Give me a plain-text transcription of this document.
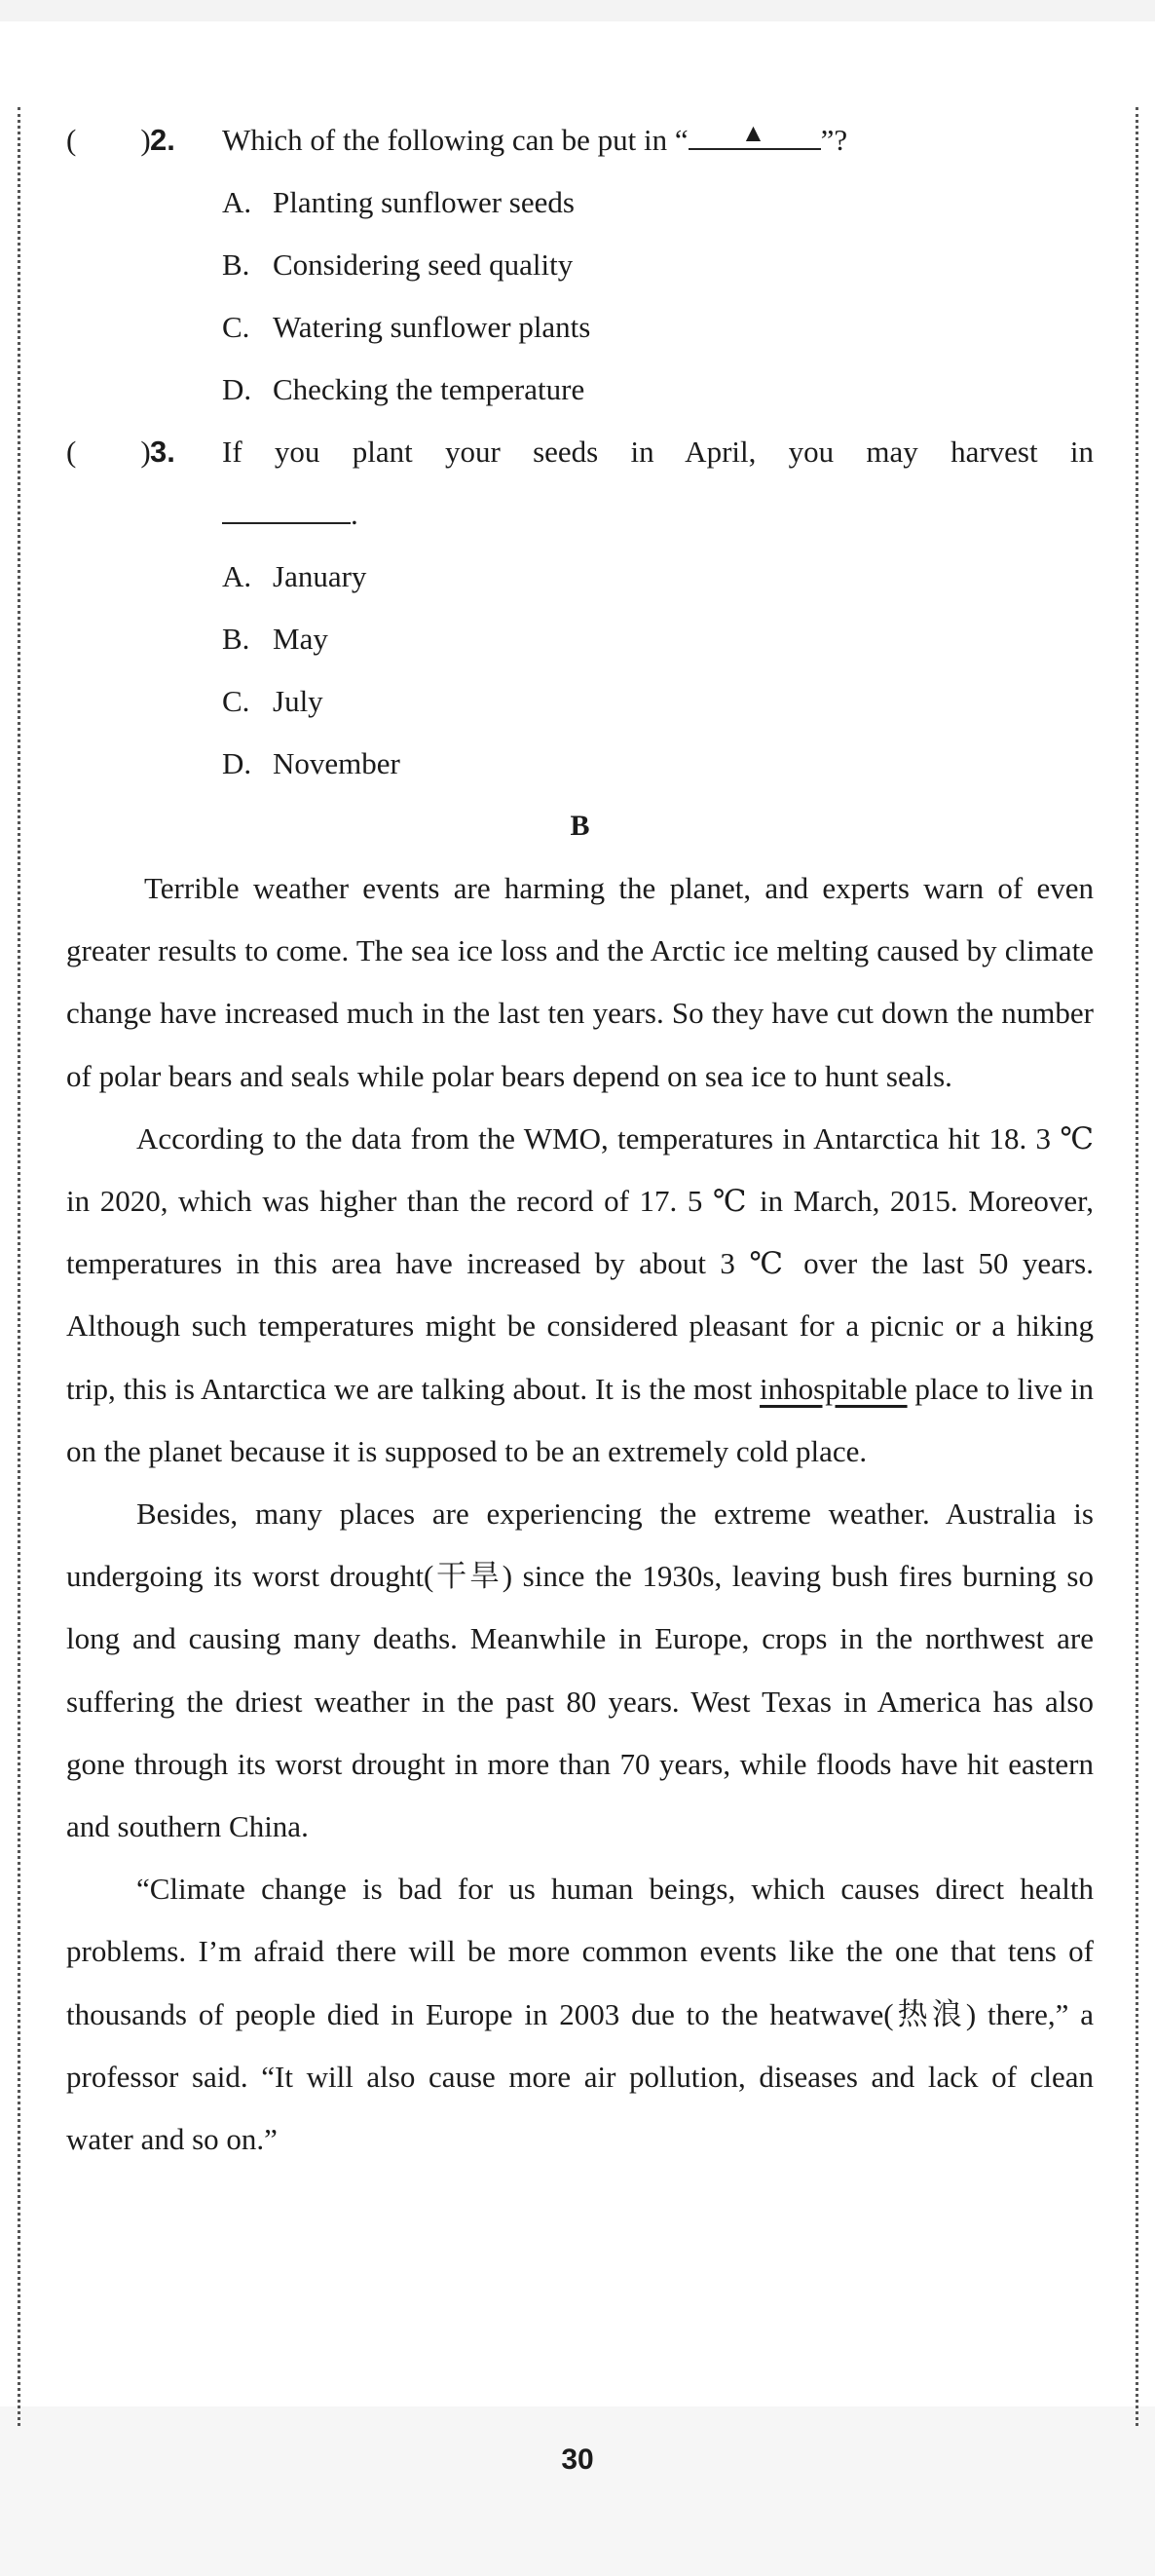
( ) 2. Which of the following can be put in “ ▲ ”?
A. Planting sunflower seeds
B. Considering seed quality
C. Watering sunflower plants
D. Checking the temperature
( ) 3. If you plant your seeds in April, you may harvest in
.
A. January
B. May
C. July
D. November
B

Terrible weather events are harming the planet, and experts warn of even greater results to come. The sea ice loss and the Arctic ice melting caused by climate change have increased much in the last ten years. So they have cut down the number of polar bears and seals while polar bears depend on sea ice to hunt seals.

According to the data from the WMO, temperatures in Antarctica hit 18. 3 ℃ in 2020, which was higher than the record of 17. 5 ℃ in March, 2015. Moreover, temperatures in this area have increased by about 3 ℃ over the last 50 years. Although such temperatures might be considered pleasant for a picnic or a hiking trip, this is Antarctica we are talking about. It is the most inhospitable place to live in on the planet because it is supposed to be an extremely cold place.

Besides, many places are experiencing the extreme weather. Australia is undergoing its worst drought(干旱) since the 1930s, leaving bush fires burning so long and causing many deaths. Meanwhile in Europe, crops in the northwest are suffering the driest weather in the past 80 years. West Texas in America has also gone through its worst drought in more than 70 years, while floods have hit eastern and southern China.

“Climate change is bad for us human beings, which causes direct health problems. I’m afraid there will be more common events like the one that tens of thousands of people died in Europe in 2003 due to the heatwave(热浪) there,” a professor said. “It will also cause more air pollution, diseases and lack of clean water and so on.”

30
